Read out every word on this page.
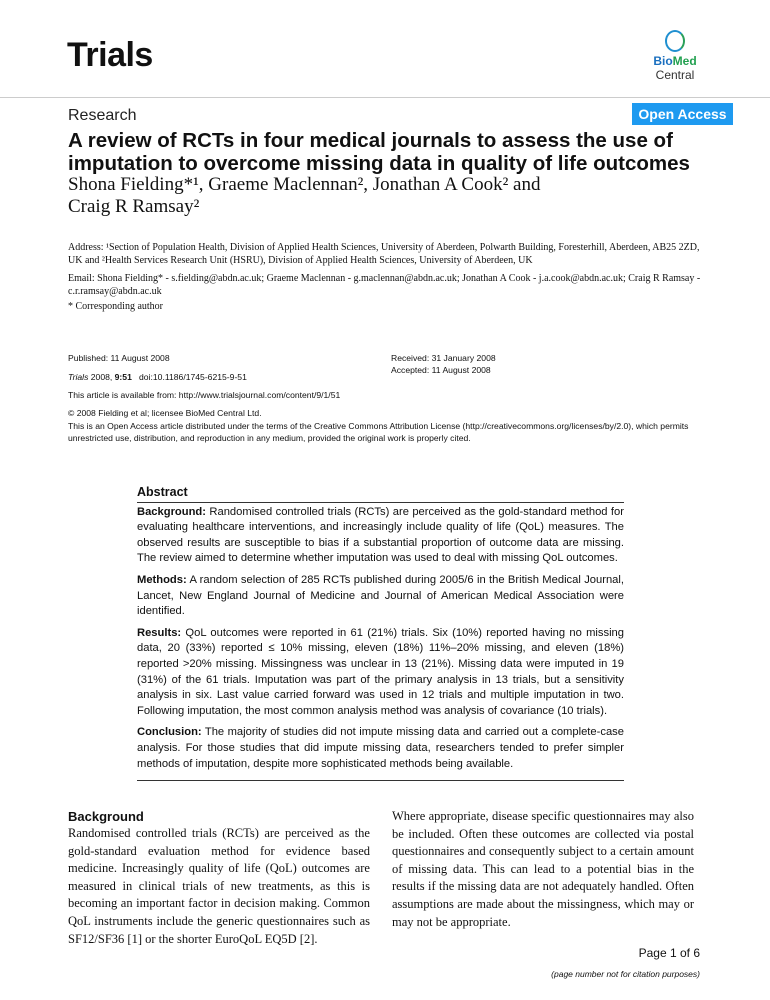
Trials	BioMed Central
Research	Open Access
A review of RCTs in four medical journals to assess the use of imputation to overcome missing data in quality of life outcomes
Shona Fielding*¹, Graeme Maclennan², Jonathan A Cook² and
Craig R Ramsay²
Address: ¹Section of Population Health, Division of Applied Health Sciences, University of Aberdeen, Polwarth Building, Foresterhill, Aberdeen, AB25 2ZD, UK and ²Health Services Research Unit (HSRU), Division of Applied Health Sciences, University of Aberdeen, UK
Email: Shona Fielding* - s.fielding@abdn.ac.uk; Graeme Maclennan - g.maclennan@abdn.ac.uk; Jonathan A Cook - j.a.cook@abdn.ac.uk; Craig R Ramsay - c.r.ramsay@abdn.ac.uk
* Corresponding author
Published: 11 August 2008
Trials 2008, 9:51 doi:10.1186/1745-6215-9-51
Received: 31 January 2008
Accepted: 11 August 2008
This article is available from: http://www.trialsjournal.com/content/9/1/51
© 2008 Fielding et al; licensee BioMed Central Ltd.
This is an Open Access article distributed under the terms of the Creative Commons Attribution License (http://creativecommons.org/licenses/by/2.0), which permits unrestricted use, distribution, and reproduction in any medium, provided the original work is properly cited.
Abstract

Background: Randomised controlled trials (RCTs) are perceived as the gold-standard method for evaluating healthcare interventions, and increasingly include quality of life (QoL) measures. The observed results are susceptible to bias if a substantial proportion of outcome data are missing. The review aimed to determine whether imputation was used to deal with missing QoL outcomes.

Methods: A random selection of 285 RCTs published during 2005/6 in the British Medical Journal, Lancet, New England Journal of Medicine and Journal of American Medical Association were identified.

Results: QoL outcomes were reported in 61 (21%) trials. Six (10%) reported having no missing data, 20 (33%) reported ≤ 10% missing, eleven (18%) 11%–20% missing, and eleven (18%) reported >20% missing. Missingness was unclear in 13 (21%). Missing data were imputed in 19 (31%) of the 61 trials. Imputation was part of the primary analysis in 13 trials, but a sensitivity analysis in six. Last value carried forward was used in 12 trials and multiple imputation in two. Following imputation, the most common analysis method was analysis of covariance (10 trials).

Conclusion: The majority of studies did not impute missing data and carried out a complete-case analysis. For those studies that did impute missing data, researchers tended to prefer simpler methods of imputation, despite more sophisticated methods being available.

Background

Randomised controlled trials (RCTs) are perceived as the gold-standard evaluation method for evidence based medicine. Increasingly quality of life (QoL) outcomes are measured in clinical trials of new treatments, as this is becoming an important factor in decision making. Common QoL instruments include the generic questionnaires such as SF12/SF36 [1] or the shorter EuroQoL EQ5D [2].

Where appropriate, disease specific questionnaires may also be included. Often these outcomes are collected via postal questionnaires and consequently subject to a certain amount of missing data. This can lead to a potential bias in the results if the missing data are not adequately handled. Often assumptions are made about the missingness, which may or may not be appropriate.

Page 1 of 6
(page number not for citation purposes)
